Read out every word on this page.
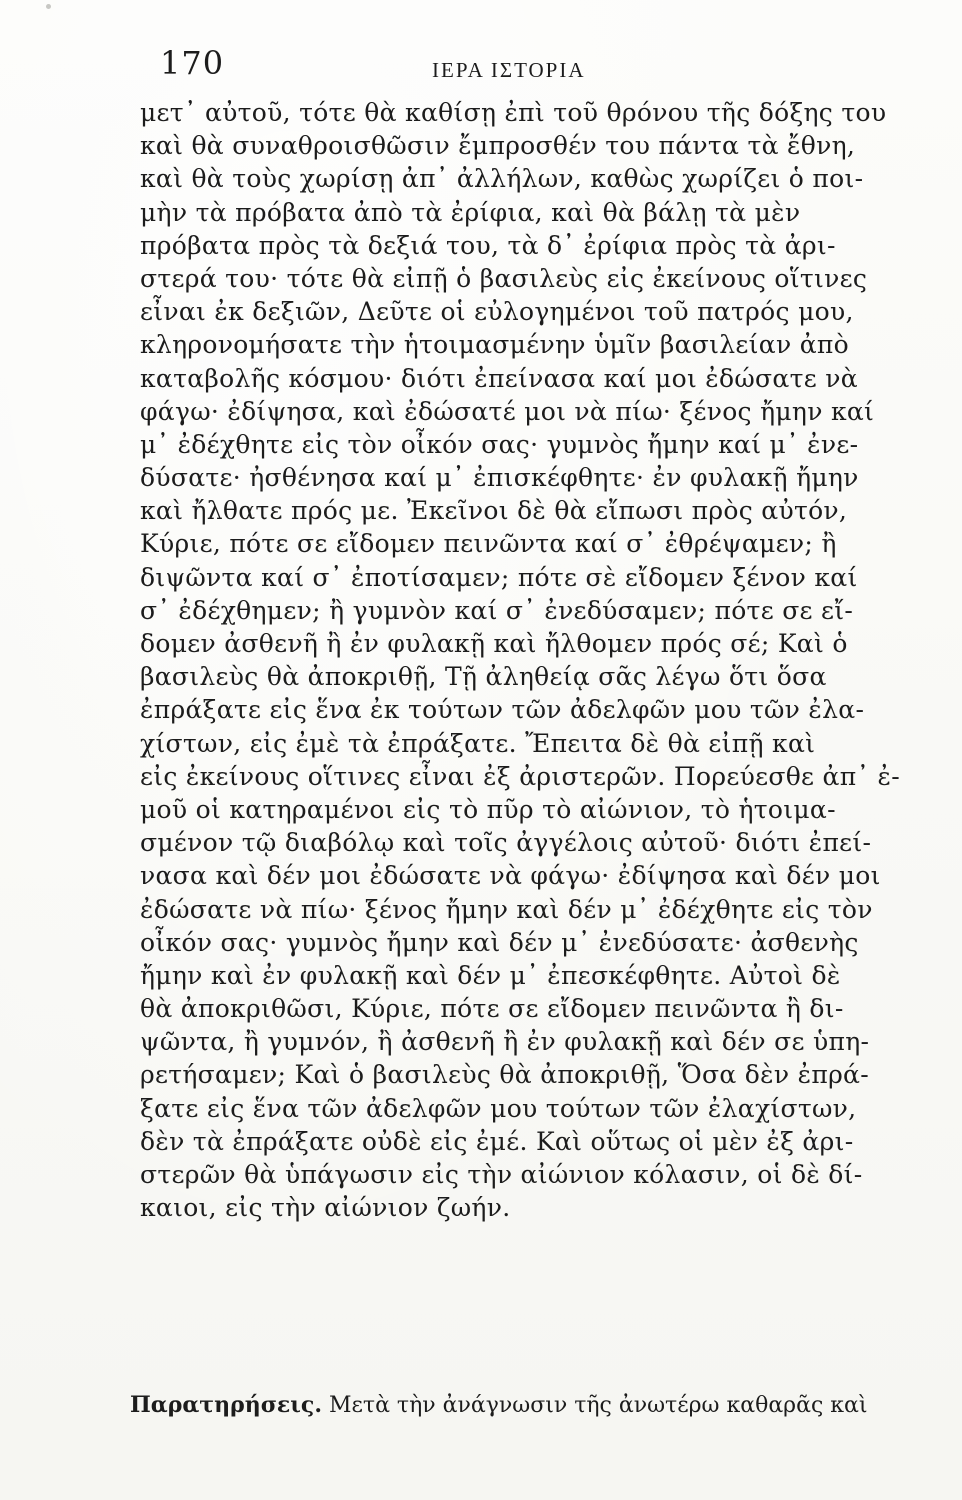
170	ΙΕΡΑ ΙΣΤΟΡΙΑ
μετ᾽ αὐτοῦ, τότε θὰ καθίσῃ ἐπὶ τοῦ θρόνου τῆς δόξης του
καὶ θὰ συναθροισθῶσιν ἔμπροσθέν του πάντα τὰ ἔθνη,
καὶ θὰ τοὺς χωρίσῃ ἀπ᾽ ἀλλήλων, καθὼς χωρίζει ὁ ποι-
μὴν τὰ πρόβατα ἀπὸ τὰ ἐρίφια, καὶ θὰ βάλῃ τὰ μὲν
πρόβατα πρὸς τὰ δεξιά του, τὰ δ᾽ ἐρίφια πρὸς τὰ ἀρι-
στερά του· τότε θὰ εἰπῇ ὁ βασιλεὺς εἰς ἐκείνους οἵτινες
εἶναι ἐκ δεξιῶν, Δεῦτε οἱ εὐλογημένοι τοῦ πατρός μου,
κληρονομήσατε τὴν ἡτοιμασμένην ὑμῖν βασιλείαν ἀπὸ
καταβολῆς κόσμου· διότι ἐπείνασα καί μοι ἐδώσατε νὰ
φάγω· ἐδίψησα, καὶ ἐδώσατέ μοι νὰ πίω· ξένος ἤμην καί
μ᾽ ἐδέχθητε εἰς τὸν οἶκόν σας· γυμνὸς ἤμην καί μ᾽ ἐνε-
δύσατε· ἠσθένησα καί μ᾽ ἐπισκέφθητε· ἐν φυλακῇ ἤμην
καὶ ἤλθατε πρός με. Ἐκεῖνοι δὲ θὰ εἴπωσι πρὸς αὐτόν,
Κύριε, πότε σε εἴδομεν πεινῶντα καί σ᾽ ἐθρέψαμεν; ἢ
διψῶντα καί σ᾽ ἐποτίσαμεν; πότε σὲ εἴδομεν ξένον καί
σ᾽ ἐδέχθημεν; ἢ γυμνὸν καί σ᾽ ἐνεδύσαμεν; πότε σε εἴ-
δομεν ἀσθενῆ ἢ ἐν φυλακῇ καὶ ἤλθομεν πρός σέ; Καὶ ὁ
βασιλεὺς θὰ ἀποκριθῇ, Τῇ ἀληθείᾳ σᾶς λέγω ὅτι ὅσα
ἐπράξατε εἰς ἕνα ἐκ τούτων τῶν ἀδελφῶν μου τῶν ἐλα-
χίστων, εἰς ἐμὲ τὰ ἐπράξατε. Ἔπειτα δὲ θὰ εἰπῇ καὶ
εἰς ἐκείνους οἵτινες εἶναι ἐξ ἀριστερῶν. Πορεύεσθε ἀπ᾽ ἐ-
μοῦ οἱ κατηραμένοι εἰς τὸ πῦρ τὸ αἰώνιον, τὸ ἡτοιμα-
σμένον τῷ διαβόλῳ καὶ τοῖς ἀγγέλοις αὐτοῦ· διότι ἐπεί-
νασα καὶ δέν μοι ἐδώσατε νὰ φάγω· ἐδίψησα καὶ δέν μοι
ἐδώσατε νὰ πίω· ξένος ἤμην καὶ δέν μ᾽ ἐδέχθητε εἰς τὸν
οἶκόν σας· γυμνὸς ἤμην καὶ δέν μ᾽ ἐνεδύσατε· ἀσθενὴς
ἤμην καὶ ἐν φυλακῇ καὶ δέν μ᾽ ἐπεσκέφθητε. Αὐτοὶ δὲ
θὰ ἀποκριθῶσι, Κύριε, πότε σε εἴδομεν πεινῶντα ἢ δι-
ψῶντα, ἢ γυμνόν, ἢ ἀσθενῆ ἢ ἐν φυλακῇ καὶ δέν σε ὑπη-
ρετήσαμεν; Καὶ ὁ βασιλεὺς θὰ ἀποκριθῇ, Ὅσα δὲν ἐπρά-
ξατε εἰς ἕνα τῶν ἀδελφῶν μου τούτων τῶν ἐλαχίστων,
δὲν τὰ ἐπράξατε οὐδὲ εἰς ἐμέ. Καὶ οὕτως οἱ μὲν ἐξ ἀρι-
στερῶν θὰ ὑπάγωσιν εἰς τὴν αἰώνιον κόλασιν, οἱ δὲ δί-
καιοι, εἰς τὴν αἰώνιον ζωήν.
Παρατηρήσεις. Μετὰ τὴν ἀνάγνωσιν τῆς ἀνωτέρω καθαρᾶς καὶ
